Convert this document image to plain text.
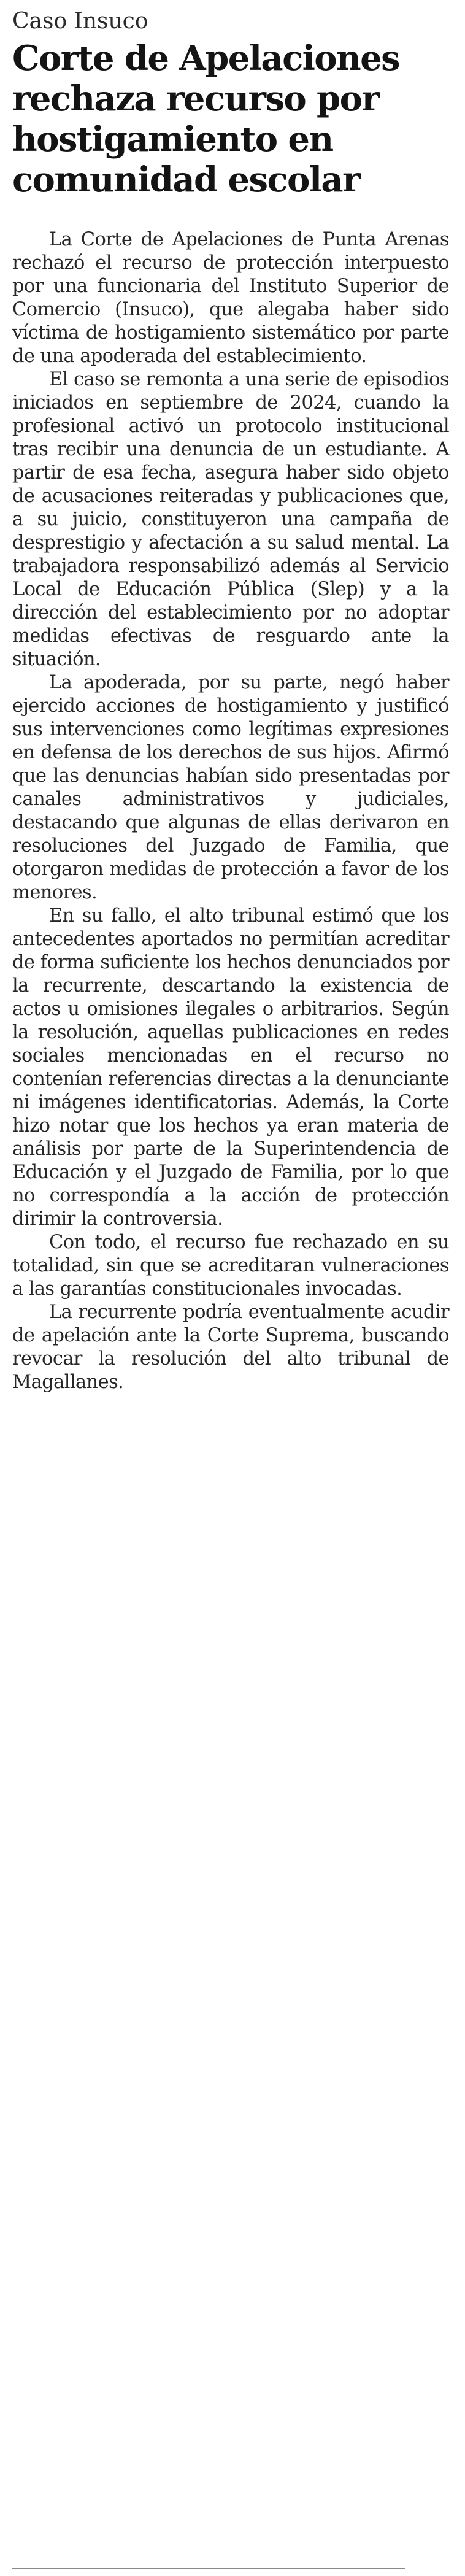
Caso Insuco
Corte de Apelaciones rechaza recurso por hostigamiento en comunidad escolar

La Corte de Apelaciones de Punta Arenas rechazó el recurso de protección interpuesto por una funcionaria del Instituto Superior de Comercio (Insuco), que alegaba haber sido víctima de hostigamiento sistemático por parte de una apoderada del establecimiento.

El caso se remonta a una serie de episodios iniciados en septiembre de 2024, cuando la profesional activó un protocolo institucional tras recibir una denuncia de un estudiante. A partir de esa fecha, asegura haber sido objeto de acusaciones reiteradas y publicaciones que, a su juicio, constituyeron una campaña de desprestigio y afectación a su salud mental. La trabajadora responsabilizó además al Servicio Local de Educación Pública (Slep) y a la dirección del establecimiento por no adoptar medidas efectivas de resguardo ante la situación.

La apoderada, por su parte, negó haber ejercido acciones de hostigamiento y justificó sus intervenciones como legítimas expresiones en defensa de los derechos de sus hijos. Afirmó que las denuncias habían sido presentadas por canales administrativos y judiciales, destacando que algunas de ellas derivaron en resoluciones del Juzgado de Familia, que otorgaron medidas de protección a favor de los menores.

En su fallo, el alto tribunal estimó que los antecedentes aportados no permitían acreditar de forma suficiente los hechos denunciados por la recurrente, descartando la existencia de actos u omisiones ilegales o arbitrarios. Según la resolución, aquellas publicaciones en redes sociales mencionadas en el recurso no contenían referencias directas a la denunciante ni imágenes identificatorias. Además, la Corte hizo notar que los hechos ya eran materia de análisis por parte de la Superintendencia de Educación y el Juzgado de Familia, por lo que no correspondía a la acción de protección dirimir la controversia.

Con todo, el recurso fue rechazado en su totalidad, sin que se acreditaran vulneraciones a las garantías constitucionales invocadas.

La recurrente podría eventualmente acudir de apelación ante la Corte Suprema, buscando revocar la resolución del alto tribunal de Magallanes.
